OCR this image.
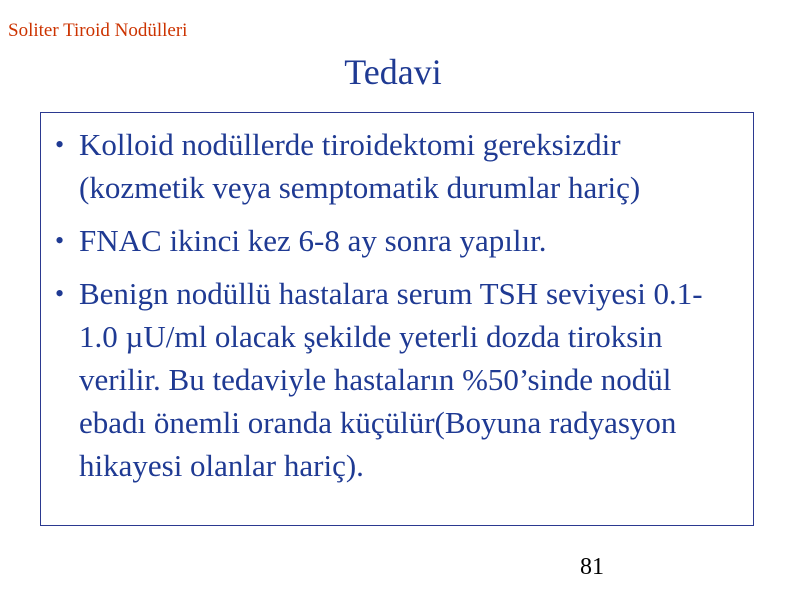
Soliter Tiroid Nodülleri
Tedavi
• Kolloid nodüllerde tiroidektomi gereksizdir (kozmetik veya semptomatik durumlar hariç)
• FNAC ikinci kez 6-8 ay sonra yapılır.
• Benign nodüllü hastalara serum TSH seviyesi 0.1-1.0 µU/ml olacak şekilde yeterli dozda tiroksin verilir. Bu tedaviyle hastaların %50’sinde nodül ebadı önemli oranda küçülür(Boyuna radyasyon hikayesi olanlar hariç).
81
